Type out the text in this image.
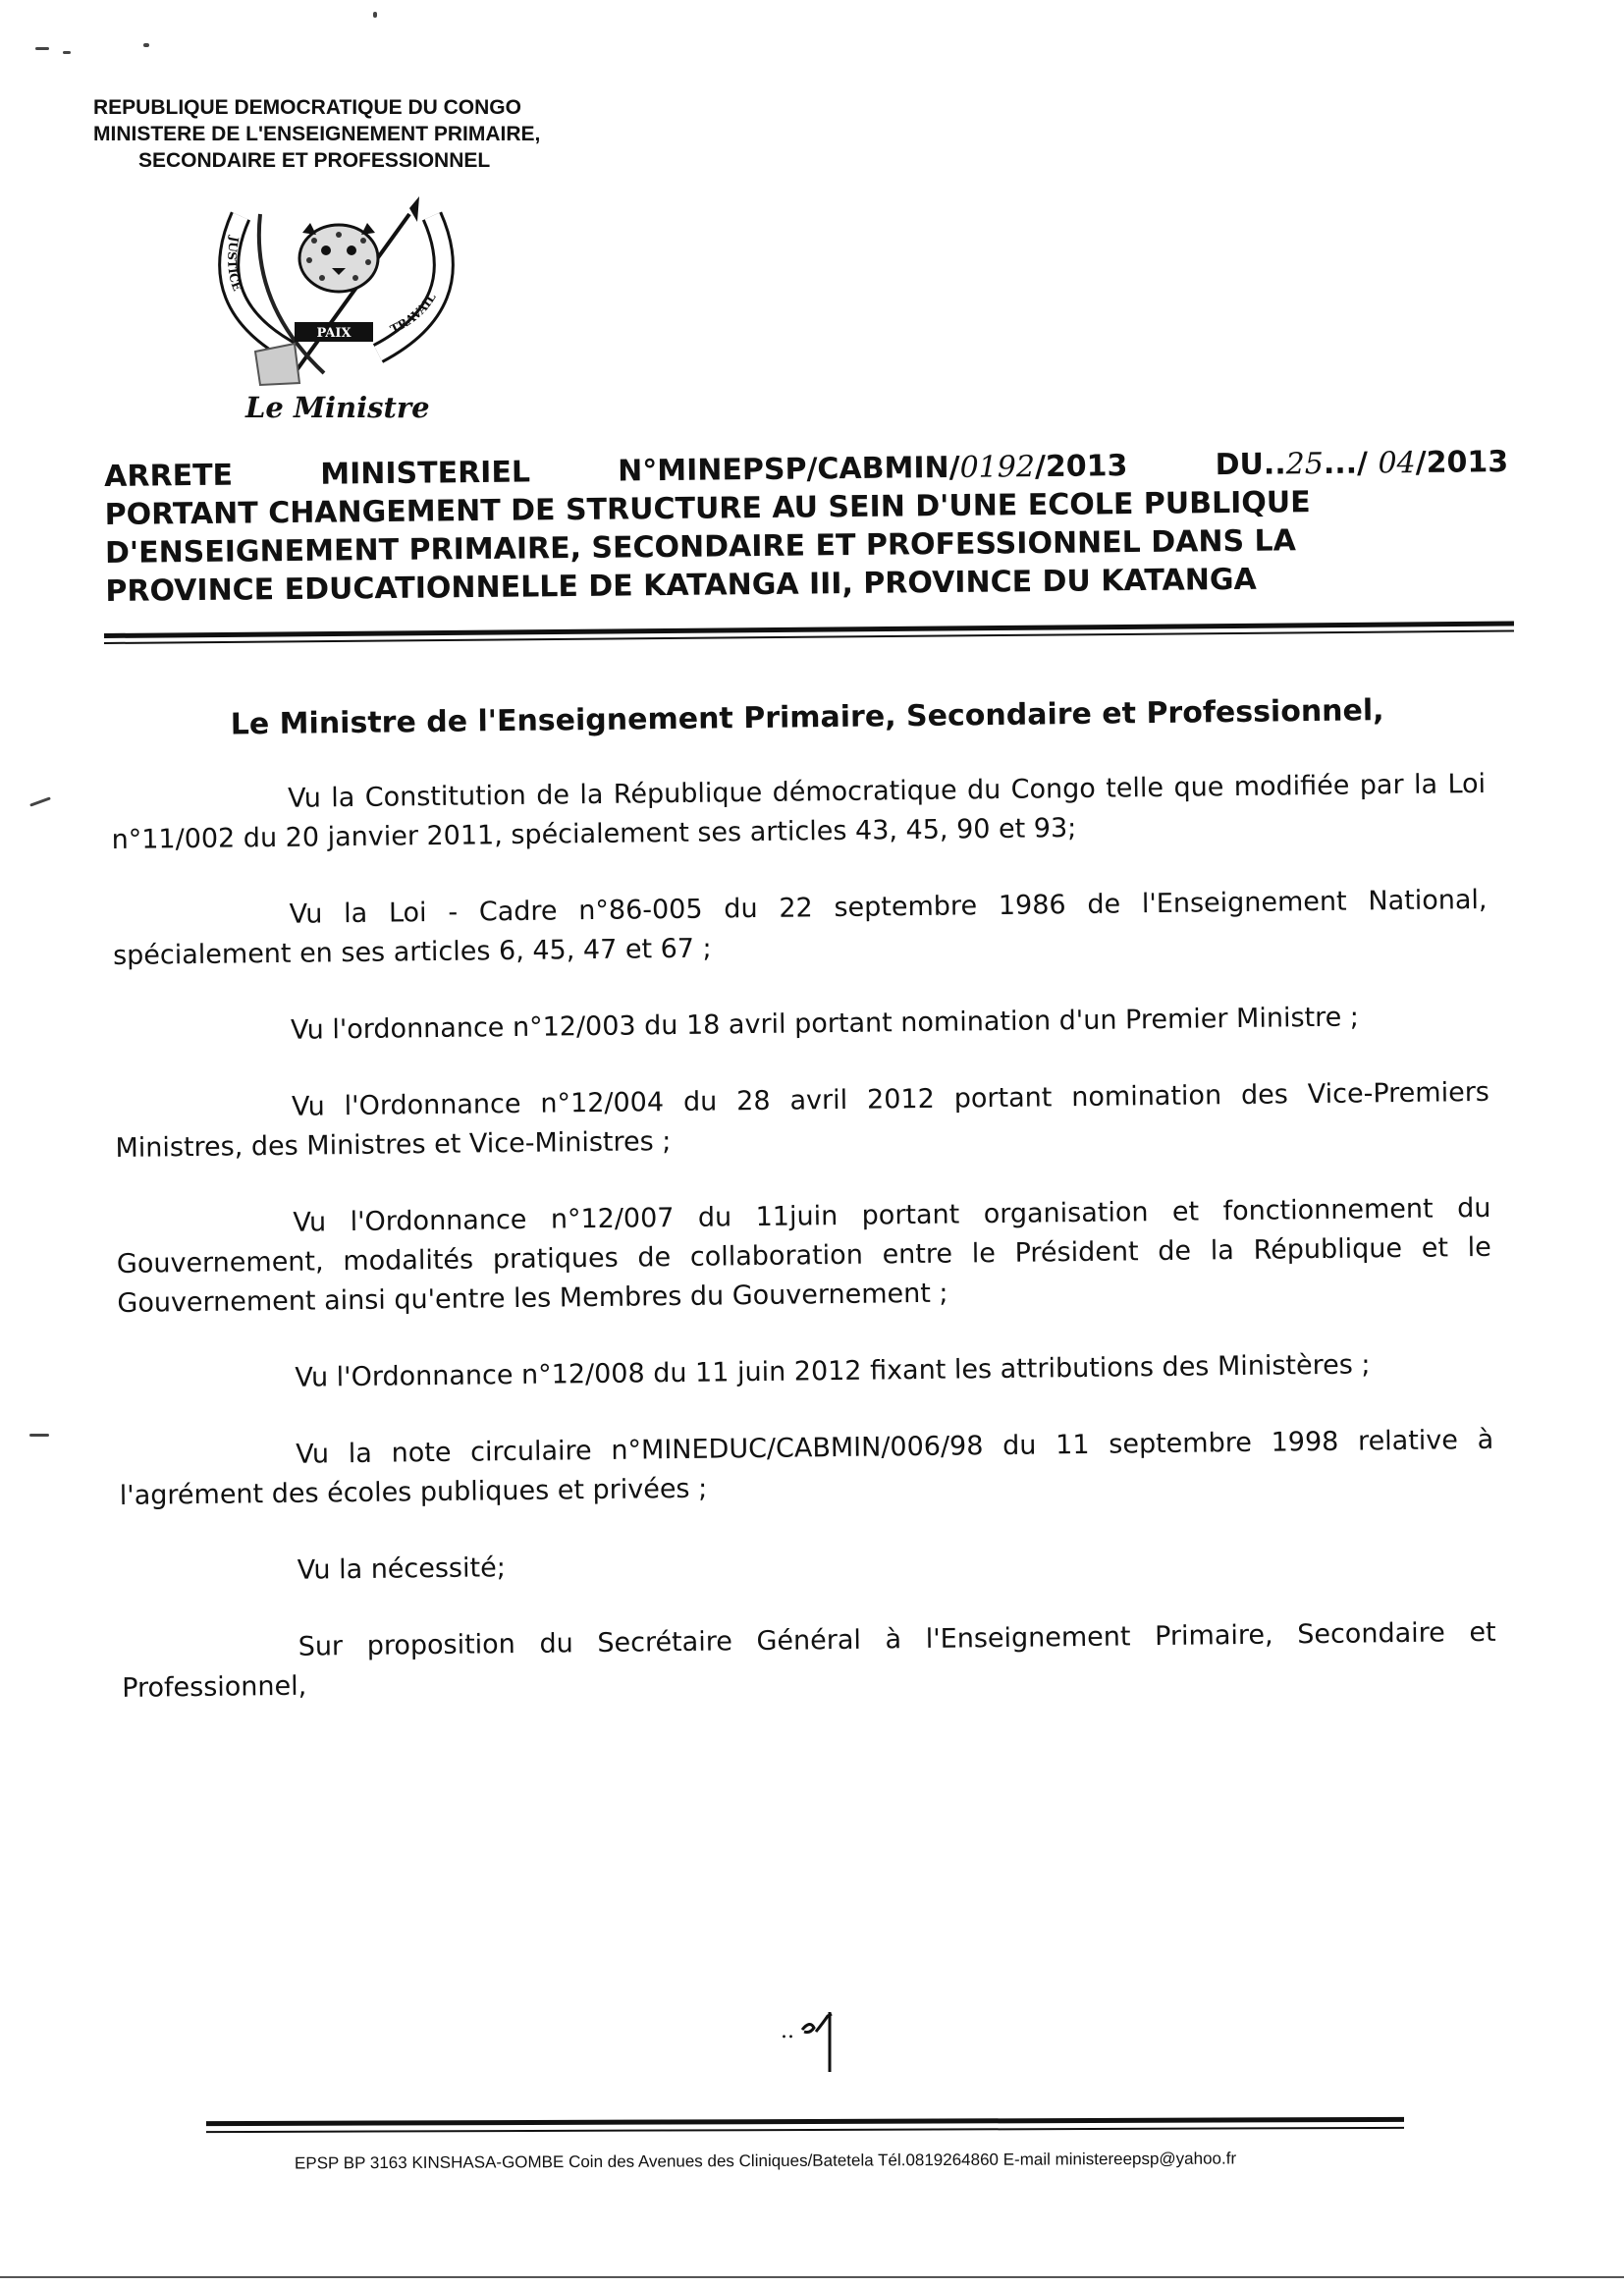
REPUBLIQUE DEMOCRATIQUE DU CONGO
MINISTERE DE L'ENSEIGNEMENT PRIMAIRE,
SECONDAIRE ET PROFESSIONNEL
PAIX
JUSTICE
TRAVAIL
Le Ministre
ARRETE	MINISTERIEL	N°MINEPSP/CABMIN/0192/2013	DU..25.../ 04/2013
PORTANT CHANGEMENT DE STRUCTURE AU SEIN D'UNE ECOLE PUBLIQUE
D'ENSEIGNEMENT PRIMAIRE, SECONDAIRE ET PROFESSIONNEL DANS LA
PROVINCE EDUCATIONNELLE DE KATANGA III, PROVINCE DU KATANGA
Le Ministre de l'Enseignement Primaire, Secondaire et Professionnel,

Vu la Constitution de la République démocratique du Congo telle que modifiée par la Loi n°11/002 du 20 janvier 2011, spécialement ses articles 43, 45, 90 et 93;

Vu la Loi - Cadre n°86-005 du 22 septembre 1986 de l'Enseignement National, spécialement en ses articles 6, 45, 47 et 67 ;

Vu l'ordonnance n°12/003 du 18 avril portant nomination d'un Premier Ministre ;

Vu l'Ordonnance n°12/004 du 28 avril 2012 portant nomination des Vice-Premiers Ministres, des Ministres et Vice-Ministres ;

Vu l'Ordonnance n°12/007 du 11juin portant organisation et fonctionnement du Gouvernement, modalités pratiques de collaboration entre le Président de la République et le Gouvernement ainsi qu'entre les Membres du Gouvernement ;

Vu l'Ordonnance n°12/008 du 11 juin 2012 fixant les attributions des Ministères ;

Vu la note circulaire n°MINEDUC/CABMIN/006/98 du 11 septembre 1998 relative à l'agrément des écoles publiques et privées ;

Vu la nécessité;

Sur proposition du Secrétaire Général à l'Enseignement Primaire, Secondaire et Professionnel,

..
EPSP BP 3163 KINSHASA-GOMBE Coin des Avenues des Cliniques/Batetela Tél.0819264860 E-mail ministereepsp@yahoo.fr
